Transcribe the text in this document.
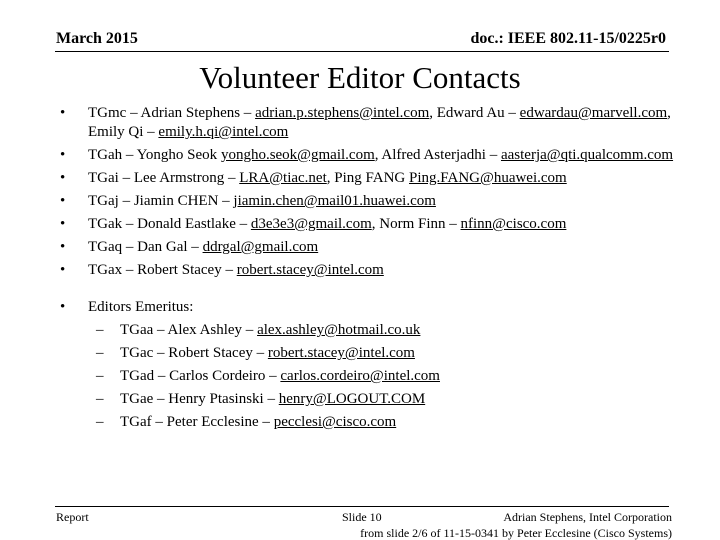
March 2015	doc.: IEEE 802.11-15/0225r0
Volunteer Editor Contacts
• TGmc – Adrian Stephens – adrian.p.stephens@intel.com, Edward Au – edwardau@marvell.com, Emily Qi – emily.h.qi@intel.com
• TGah – Yongho Seok yongho.seok@gmail.com, Alfred Asterjadhi – aasterja@qti.qualcomm.com
• TGai – Lee Armstrong – LRA@tiac.net, Ping FANG Ping.FANG@huawei.com
• TGaj – Jiamin CHEN – jiamin.chen@mail01.huawei.com
• TGak – Donald Eastlake – d3e3e3@gmail.com, Norm Finn – nfinn@cisco.com
• TGaq – Dan Gal – ddrgal@gmail.com
• TGax – Robert Stacey – robert.stacey@intel.com
• Editors Emeritus:
– TGaa – Alex Ashley – alex.ashley@hotmail.co.uk
– TGac – Robert Stacey – robert.stacey@intel.com
– TGad – Carlos Cordeiro – carlos.cordeiro@intel.com
– TGae – Henry Ptasinski – henry@LOGOUT.COM
– TGaf – Peter Ecclesine – pecclesi@cisco.com
Report	Slide 10	Adrian Stephens, Intel Corporation
from slide 2/6 of 11-15-0341 by Peter Ecclesine (Cisco Systems)
